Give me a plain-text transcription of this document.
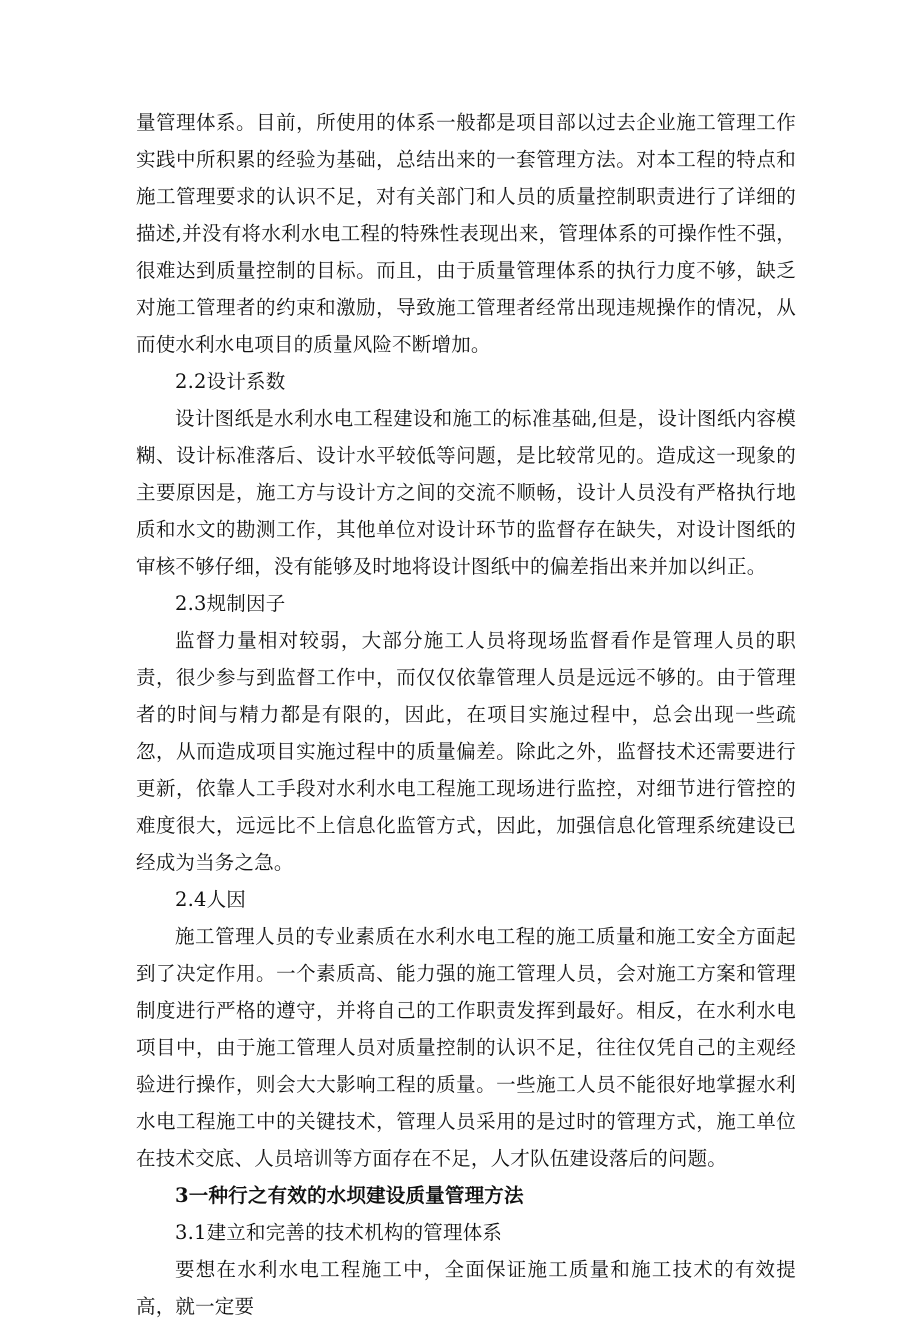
量管理体系。目前，所使用的体系一般都是项目部以过去企业施工管理工作实践中所积累的经验为基础，总结出来的一套管理方法。对本工程的特点和施工管理要求的认识不足，对有关部门和人员的质量控制职责进行了详细的描述,并没有将水利水电工程的特殊性表现出来，管理体系的可操作性不强，很难达到质量控制的目标。而且，由于质量管理体系的执行力度不够，缺乏对施工管理者的约束和激励，导致施工管理者经常出现违规操作的情况，从而使水利水电项目的质量风险不断增加。

2.2设计系数

设计图纸是水利水电工程建设和施工的标准基础,但是，设计图纸内容模糊、设计标准落后、设计水平较低等问题，是比较常见的。造成这一现象的主要原因是，施工方与设计方之间的交流不顺畅，设计人员没有严格执行地质和水文的勘测工作，其他单位对设计环节的监督存在缺失，对设计图纸的审核不够仔细，没有能够及时地将设计图纸中的偏差指出来并加以纠正。

2.3规制因子

监督力量相对较弱，大部分施工人员将现场监督看作是管理人员的职责，很少参与到监督工作中，而仅仅依靠管理人员是远远不够的。由于管理者的时间与精力都是有限的，因此，在项目实施过程中，总会出现一些疏忽，从而造成项目实施过程中的质量偏差。除此之外，监督技术还需要进行更新，依靠人工手段对水利水电工程施工现场进行监控，对细节进行管控的难度很大，远远比不上信息化监管方式，因此，加强信息化管理系统建设已经成为当务之急。

2.4人因

施工管理人员的专业素质在水利水电工程的施工质量和施工安全方面起到了决定作用。一个素质高、能力强的施工管理人员，会对施工方案和管理制度进行严格的遵守，并将自己的工作职责发挥到最好。相反，在水利水电项目中，由于施工管理人员对质量控制的认识不足，往往仅凭自己的主观经验进行操作，则会大大影响工程的质量。一些施工人员不能很好地掌握水利水电工程施工中的关键技术，管理人员采用的是过时的管理方式，施工单位在技术交底、人员培训等方面存在不足，人才队伍建设落后的问题。

3一种行之有效的水坝建设质量管理方法

3.1建立和完善的技术机构的管理体系

要想在水利水电工程施工中，全面保证施工质量和施工技术的有效提高，就一定要
